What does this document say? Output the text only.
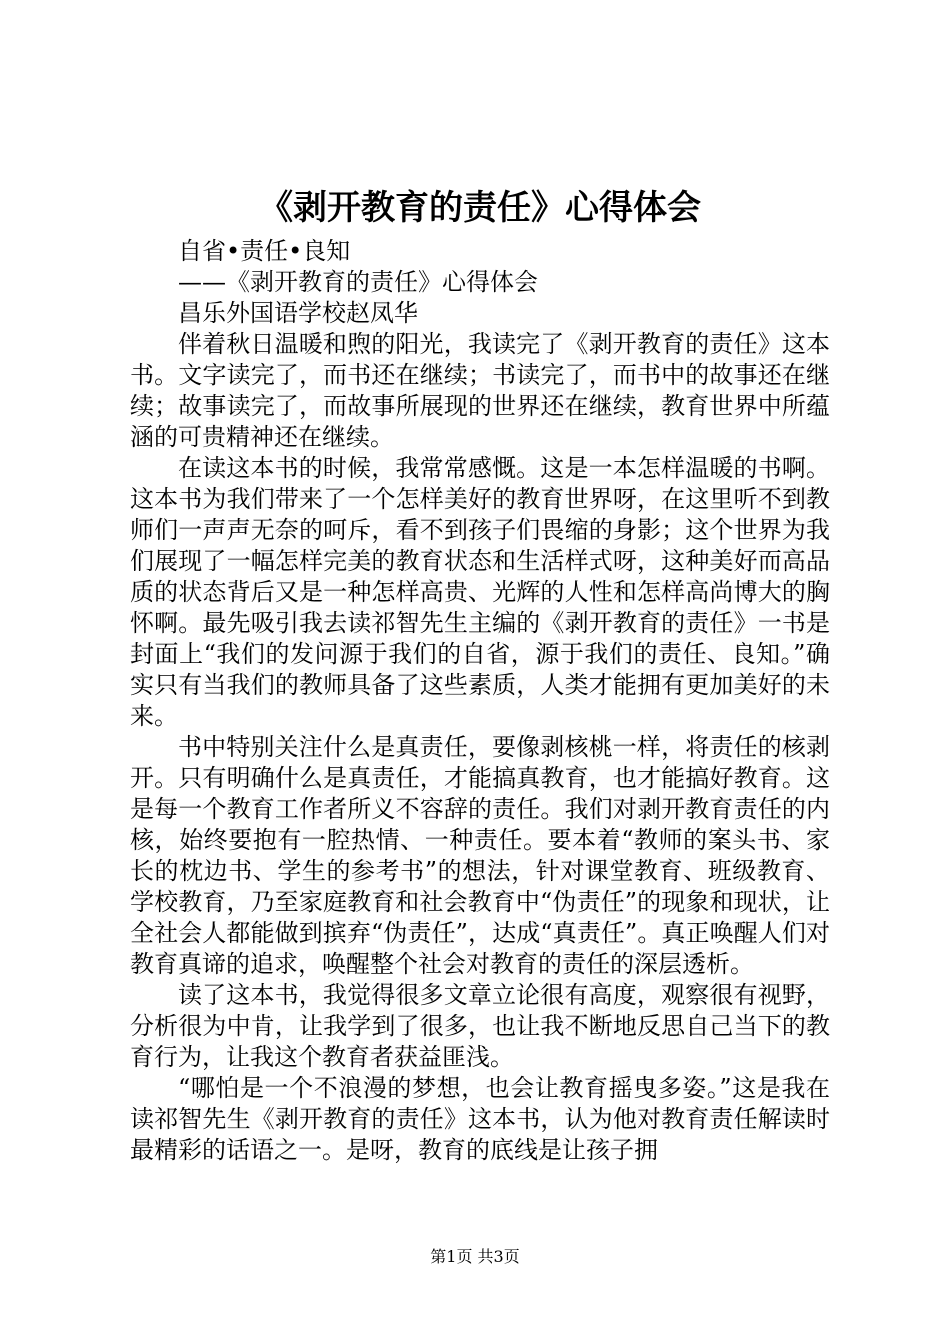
《剥开教育的责任》心得体会

自省•责任•良知

——《剥开教育的责任》心得体会

昌乐外国语学校赵凤华

伴着秋日温暖和煦的阳光，我读完了《剥开教育的责任》这本书。文字读完了，而书还在继续；书读完了，而书中的故事还在继续；故事读完了，而故事所展现的世界还在继续，教育世界中所蕴涵的可贵精神还在继续。

在读这本书的时候，我常常感慨。这是一本怎样温暖的书啊。这本书为我们带来了一个怎样美好的教育世界呀，在这里听不到教师们一声声无奈的呵斥，看不到孩子们畏缩的身影；这个世界为我们展现了一幅怎样完美的教育状态和生活样式呀，这种美好而高品质的状态背后又是一种怎样高贵、光辉的人性和怎样高尚博大的胸怀啊。最先吸引我去读祁智先生主编的《剥开教育的责任》一书是封面上“我们的发问源于我们的自省，源于我们的责任、良知。”确实只有当我们的教师具备了这些素质，人类才能拥有更加美好的未来。

书中特别关注什么是真责任，要像剥核桃一样，将责任的核剥开。只有明确什么是真责任，才能搞真教育，也才能搞好教育。这是每一个教育工作者所义不容辞的责任。我们对剥开教育责任的内核，始终要抱有一腔热情、一种责任。要本着“教师的案头书、家长的枕边书、学生的参考书”的想法，针对课堂教育、班级教育、学校教育，乃至家庭教育和社会教育中“伪责任”的现象和现状，让全社会人都能做到摈弃“伪责任”，达成“真责任”。真正唤醒人们对教育真谛的追求，唤醒整个社会对教育的责任的深层透析。

读了这本书，我觉得很多文章立论很有高度，观察很有视野，分析很为中肯，让我学到了很多，也让我不断地反思自己当下的教育行为，让我这个教育者获益匪浅。

“哪怕是一个不浪漫的梦想，也会让教育摇曳多姿。”这是我在读祁智先生《剥开教育的责任》这本书，认为他对教育责任解读时最精彩的话语之一。是呀，教育的底线是让孩子拥

第1页 共3页
